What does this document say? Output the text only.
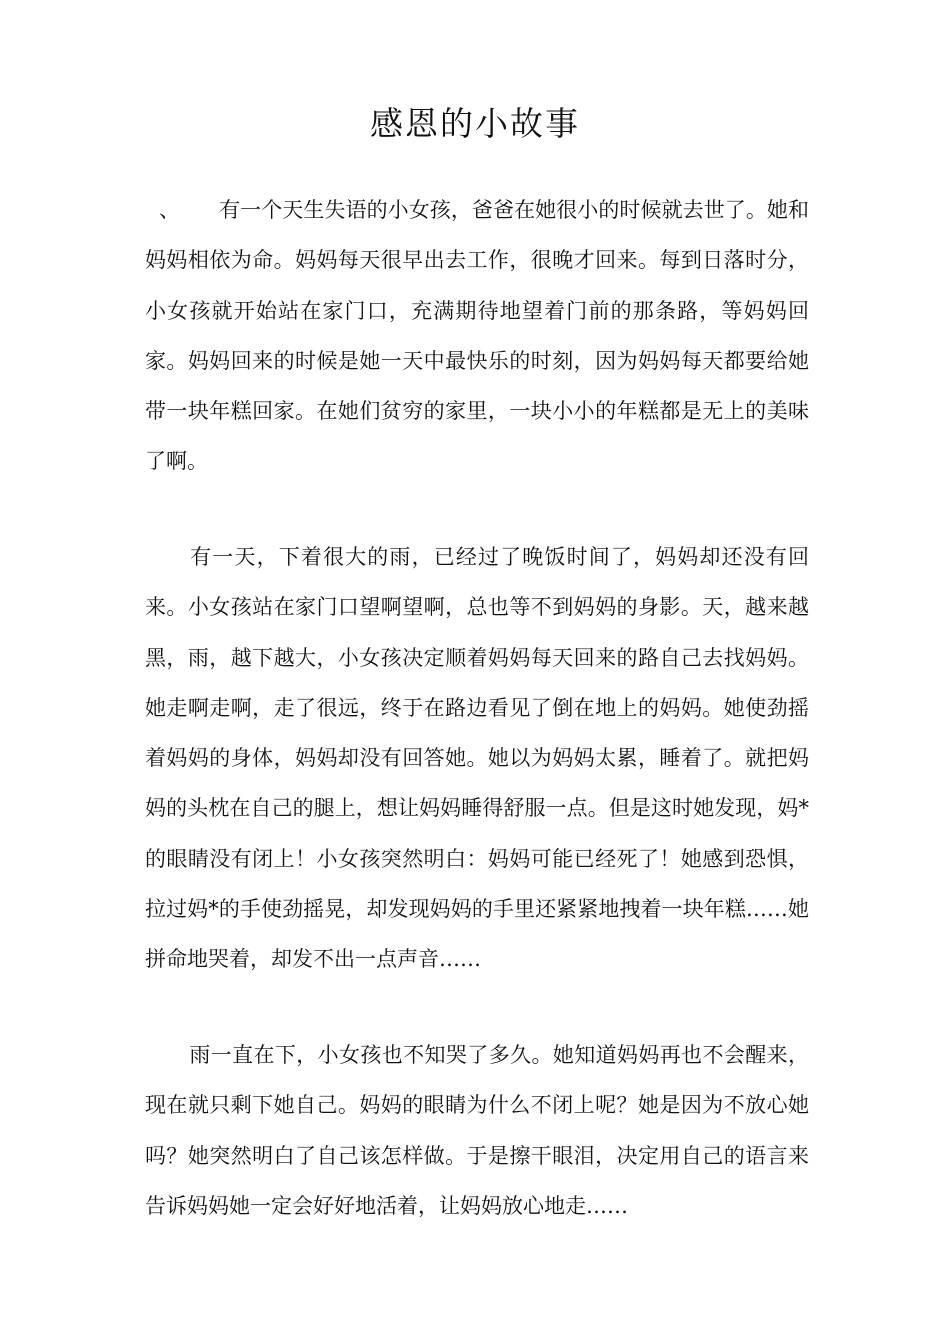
感恩的小故事

、 有一个天生失语的小女孩，爸爸在她很小的时候就去世了。她和妈妈相依为命。妈妈每天很早出去工作，很晚才回来。每到日落时分，小女孩就开始站在家门口，充满期待地望着门前的那条路，等妈妈回家。妈妈回来的时候是她一天中最快乐的时刻，因为妈妈每天都要给她带一块年糕回家。在她们贫穷的家里，一块小小的年糕都是无上的美味了啊。

有一天，下着很大的雨，已经过了晚饭时间了，妈妈却还没有回来。小女孩站在家门口望啊望啊，总也等不到妈妈的身影。天，越来越黑，雨，越下越大，小女孩决定顺着妈妈每天回来的路自己去找妈妈。她走啊走啊，走了很远，终于在路边看见了倒在地上的妈妈。她使劲摇着妈妈的身体，妈妈却没有回答她。她以为妈妈太累，睡着了。就把妈妈的头枕在自己的腿上，想让妈妈睡得舒服一点。但是这时她发现，妈*的眼睛没有闭上！小女孩突然明白：妈妈可能已经死了！她感到恐惧，拉过妈*的手使劲摇晃，却发现妈妈的手里还紧紧地拽着一块年糕……她拼命地哭着，却发不出一点声音……

雨一直在下，小女孩也不知哭了多久。她知道妈妈再也不会醒来，现在就只剩下她自己。妈妈的眼睛为什么不闭上呢？她是因为不放心她吗？她突然明白了自己该怎样做。于是擦干眼泪，决定用自己的语言来告诉妈妈她一定会好好地活着，让妈妈放心地走……
